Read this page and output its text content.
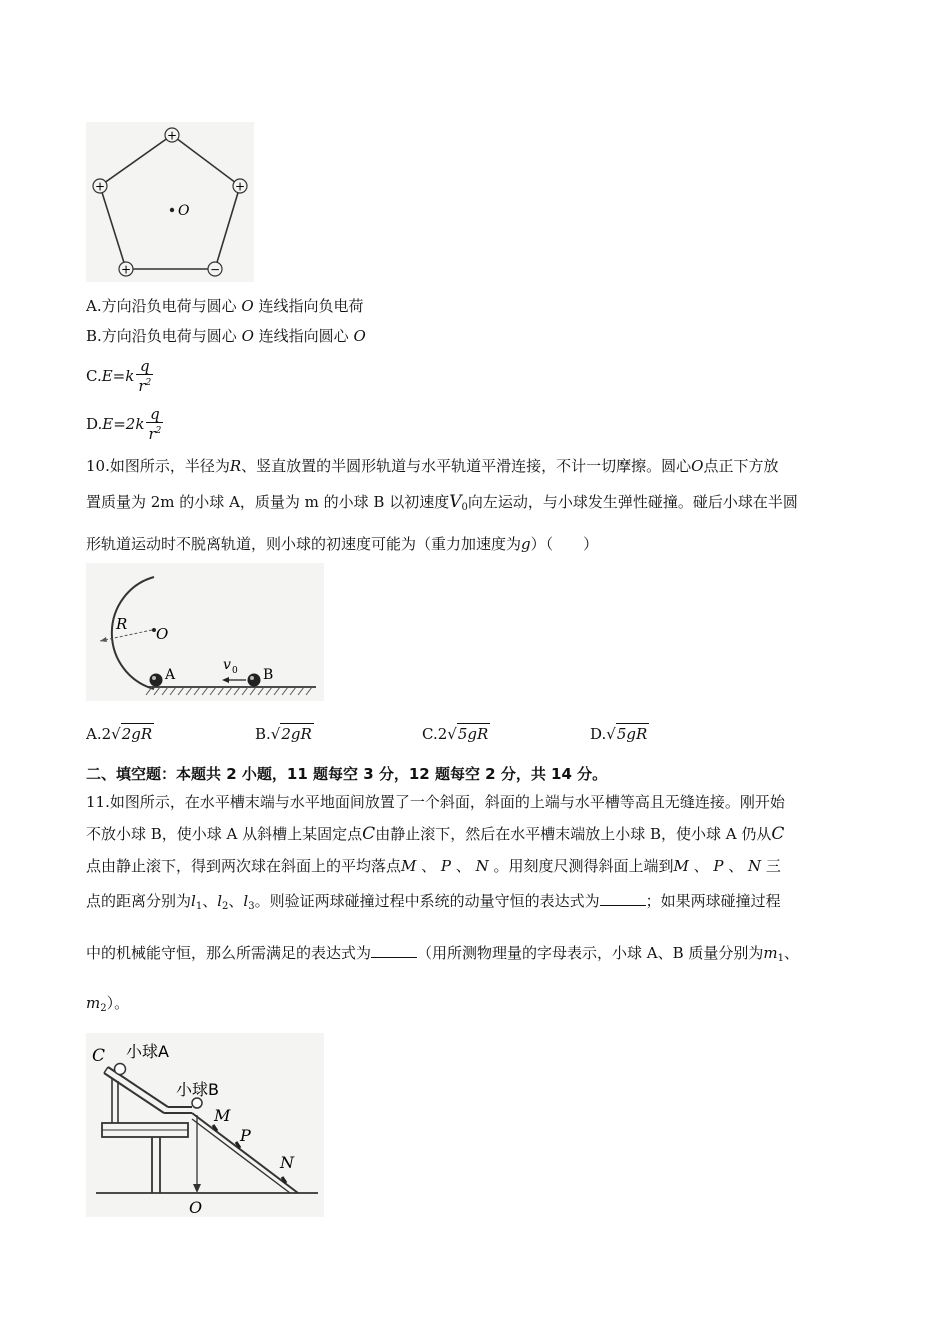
+
+
+
+	−
O
A.方向沿负电荷与圆心 O 连线指向负电荷
B.方向沿负电荷与圆心 O 连线指向圆心 O
C. E = k $\frac{q}{r^2}$
D. $E = 2k \frac{q}{r^2}$
10.如图所示，半径为R、竖直放置的半圆形轨道与水平轨道平滑连接，不计一切摩擦。圆心O点正下方放
置质量为 2m 的小球 A，质量为 m 的小球 B 以初速度$V_0$向左运动，与小球发生弹性碰撞。碰后小球在半圆
形轨道运动时不脱离轨道，则小球的初速度可能为（重力加速度为g）（　　）
O
R
A	B
v 0
A.2√2gR	B.√2gR	C.2√5gR	D.√5gR
二、填空题：本题共 2 小题，11 题每空 3 分，12 题每空 2 分，共 14 分。
11.如图所示，在水平槽末端与水平地面间放置了一个斜面，斜面的上端与水平槽等高且无缝连接。刚开始
不放小球 B，使小球 A 从斜槽上某固定点C由静止滚下，然后在水平槽末端放上小球 B，使小球 A 仍从C
点由静止滚下，得到两次球在斜面上的平均落点M 、 P 、 N 。用刻度尺测得斜面上端到M 、 P 、 N 三
点的距离分别为$l_1$、$l_2$、$l_3$。则验证两球碰撞过程中系统的动量守恒的表达式为	；如果两球碰撞过程
中的机械能守恒，那么所需满足的表达式为	（用所测物理量的字母表示，小球 A、B 质量分别为$m_1$、
$m_2$）。
C 小球A
小球B
M
P
N
O
